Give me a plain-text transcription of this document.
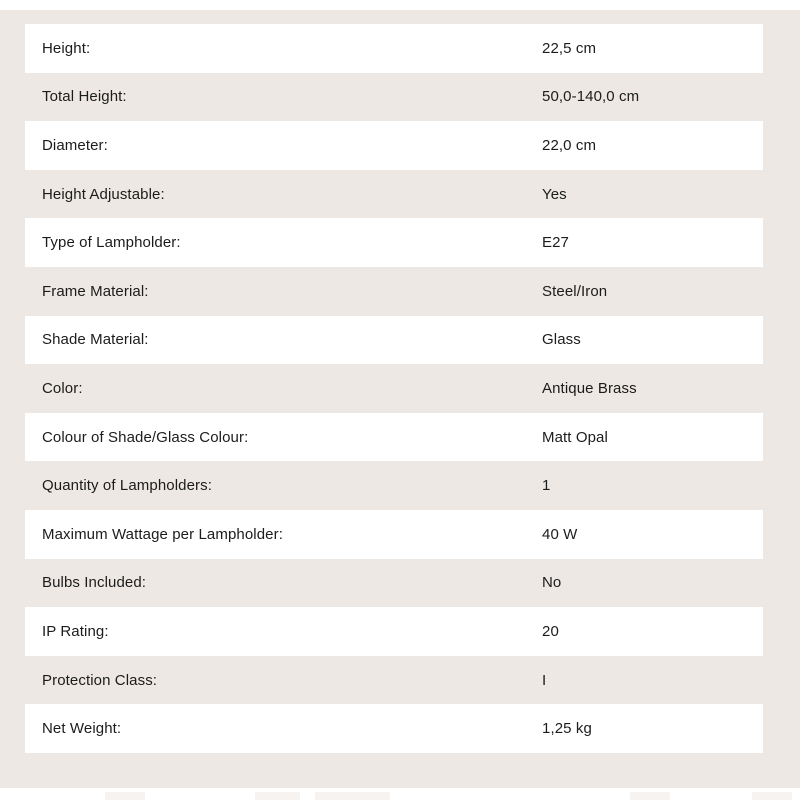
Height:	22,5 cm
Total Height:	50,0-140,0 cm
Diameter:	22,0 cm
Height Adjustable:	Yes
Type of Lampholder:	E27
Frame Material:	Steel/Iron
Shade Material:	Glass
Color:	Antique Brass
Colour of Shade/Glass Colour:	Matt Opal
Quantity of Lampholders:	1
Maximum Wattage per Lampholder:	40 W
Bulbs Included:	No
IP Rating:	20
Protection Class:	I
Net Weight:	1,25 kg
